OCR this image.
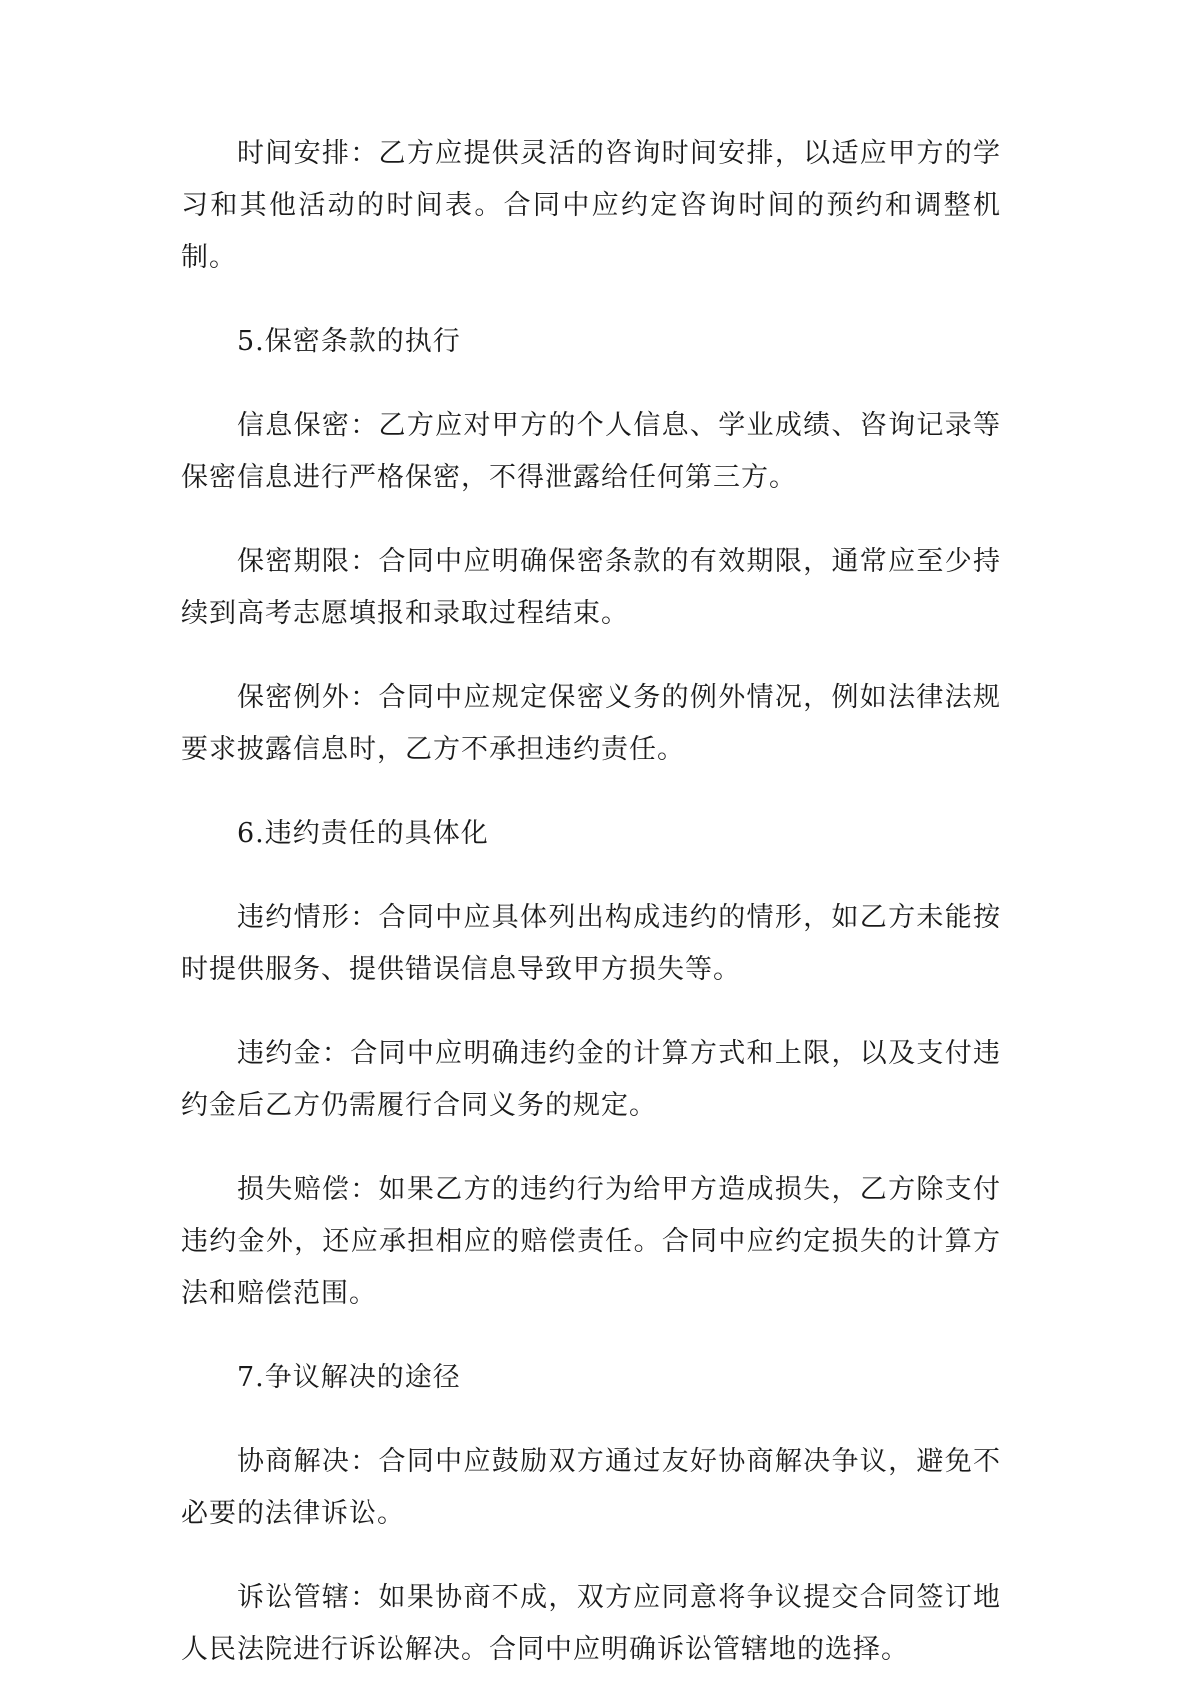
时间安排：乙方应提供灵活的咨询时间安排，以适应甲方的学习和其他活动的时间表。合同中应约定咨询时间的预约和调整机制。

5.保密条款的执行

信息保密：乙方应对甲方的个人信息、学业成绩、咨询记录等保密信息进行严格保密，不得泄露给任何第三方。

保密期限：合同中应明确保密条款的有效期限，通常应至少持续到高考志愿填报和录取过程结束。

保密例外：合同中应规定保密义务的例外情况，例如法律法规要求披露信息时，乙方不承担违约责任。

6.违约责任的具体化

违约情形：合同中应具体列出构成违约的情形，如乙方未能按时提供服务、提供错误信息导致甲方损失等。

违约金：合同中应明确违约金的计算方式和上限，以及支付违约金后乙方仍需履行合同义务的规定。

损失赔偿：如果乙方的违约行为给甲方造成损失，乙方除支付违约金外，还应承担相应的赔偿责任。合同中应约定损失的计算方法和赔偿范围。

7.争议解决的途径

协商解决：合同中应鼓励双方通过友好协商解决争议，避免不必要的法律诉讼。

诉讼管辖：如果协商不成，双方应同意将争议提交合同签订地人民法院进行诉讼解决。合同中应明确诉讼管辖地的选择。
